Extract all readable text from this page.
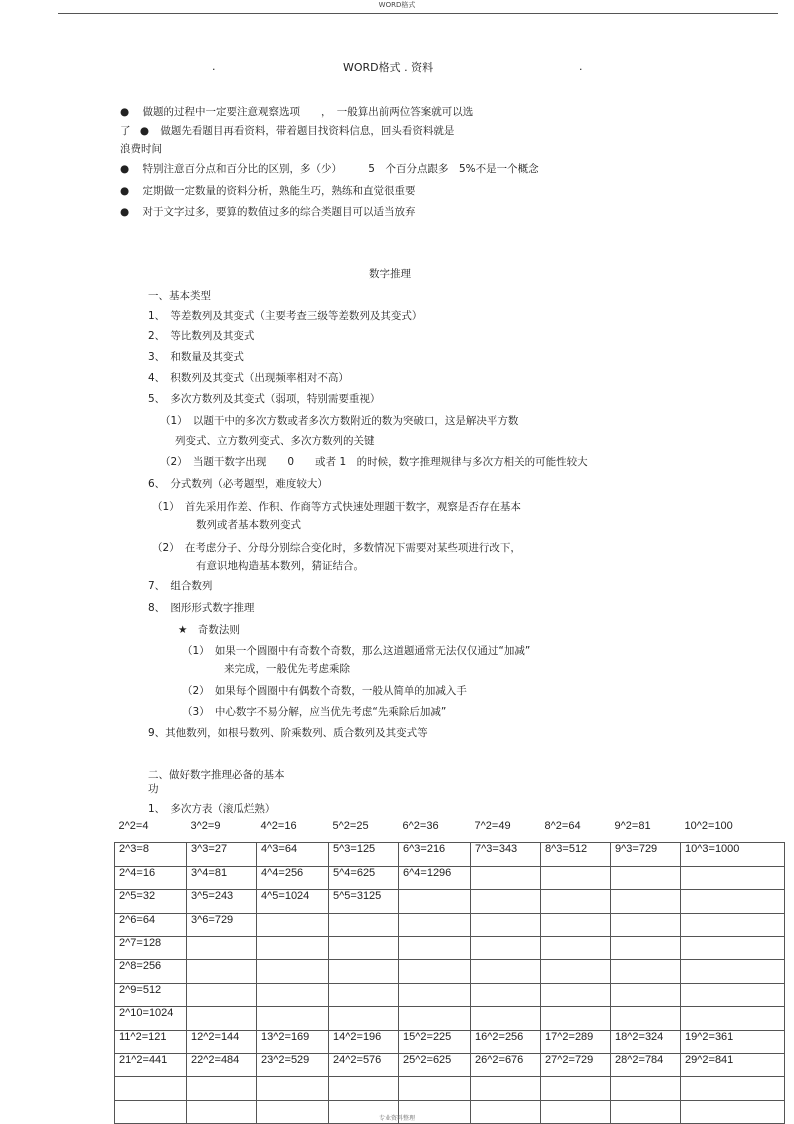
WORD格式
.	WORD格式 . 资料	.
● 做题的过程中一定要注意观察选项　　，　一般算出前两位答案就可以选
了 ● 做题先看题目再看资料，带着题目找资料信息，回头看资料就是
浪费时间
● 特别注意百分点和百分比的区别，多（少）　　　5　个百分点跟多　5%不是一个概念
● 定期做一定数量的资料分析，熟能生巧，熟练和直觉很重要
● 对于文字过多，要算的数值过多的综合类题目可以适当放弃
数字推理
一、基本类型
1、　等差数列及其变式（主要考查三级等差数列及其变式）
2、　等比数列及其变式
3、　和数量及其变式
4、　积数列及其变式（出现频率相对不高）
5、　多次方数列及其变式（弱项，特别需要重视）
（1）　以题干中的多次方数或者多次方数附近的数为突破口，这是解决平方数
列变式、立方数列变式、多次方数列的关键
（2）　当题干数字出现　　0　　或者 1　的时候，数字推理规律与多次方相关的可能性较大
6、　分式数列（必考题型，难度较大）
（1）　首先采用作差、作积、作商等方式快速处理题干数字，观察是否存在基本
数列或者基本数列变式
（2）　在考虑分子、分母分别综合变化时，多数情况下需要对某些项进行改下，
有意识地构造基本数列，猜证结合。
7、　组合数列
8、　图形形式数字推理
★　奇数法则
（1）　如果一个圆圈中有奇数个奇数，那么这道题通常无法仅仅通过“加减”
来完成，一般优先考虑乘除
（2）　如果每个圆圈中有偶数个奇数，一般从简单的加减入手
（3）　中心数字不易分解，应当优先考虑“先乘除后加减”
9、其他数列，如根号数列、阶乘数列、质合数列及其变式等
二、做好数字推理必备的基本
功
1、　多次方表（滚瓜烂熟）
2^2=4	3^2=9	4^2=16	5^2=25	6^2=36	7^2=49	8^2=64	9^2=81	10^2=100
2^3=8	3^3=27	4^3=64	5^3=125	6^3=216	7^3=343	8^3=512	9^3=729	10^3=1000
2^4=16	3^4=81	4^4=256	5^4=625	6^4=1296				
2^5=32	3^5=243	4^5=1024	5^5=3125					
2^6=64	3^6=729							
2^7=128								
2^8=256								
2^9=512								
2^10=1024								
11^2=121	12^2=144	13^2=169	14^2=196	15^2=225	16^2=256	17^2=289	18^2=324	19^2=361
21^2=441	22^2=484	23^2=529	24^2=576	25^2=625	26^2=676	27^2=729	28^2=784	29^2=841

专业资料整理
